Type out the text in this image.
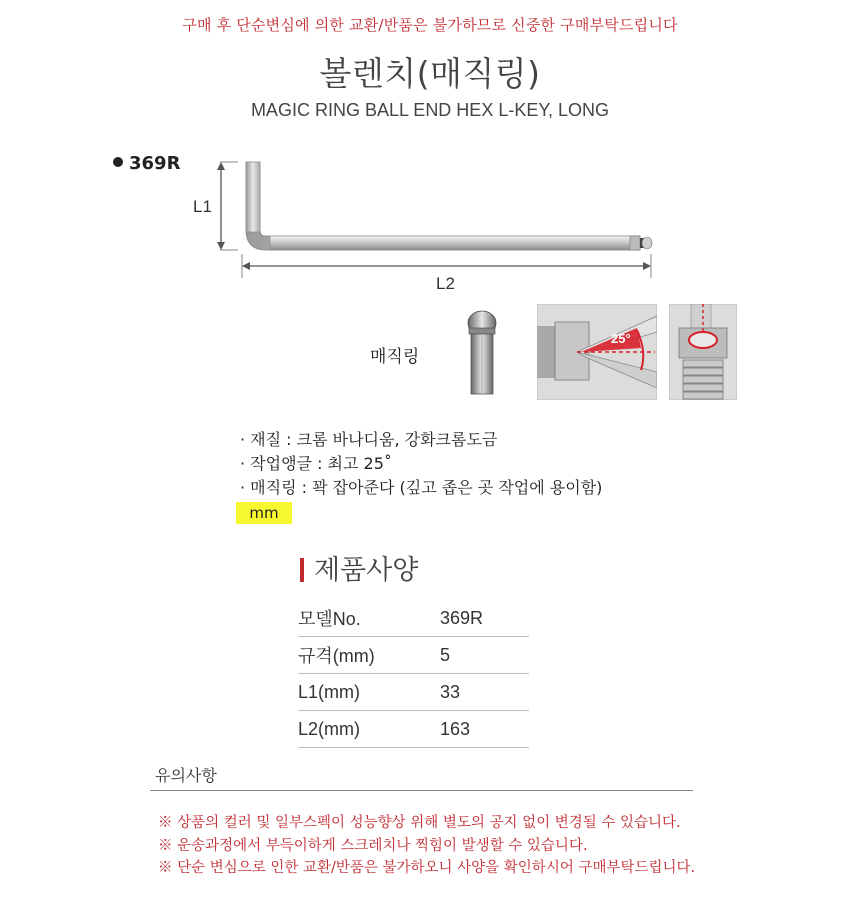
구매 후 단순변심에 의한 교환/반품은 불가하므로 신중한 구매부탁드립니다
볼렌치(매직링)
MAGIC RING BALL END HEX L-KEY, LONG
369R
L1
L2
매직링
25°
· 재질 : 크롬 바나디움, 강화크롬도금
· 작업앵글 : 최고 25˚
· 매직링 : 꽉 잡아준다 (깊고 좁은 곳 작업에 용이함)
mm
제품사양
모델No.	369R
규격(mm)	5
L1(mm)	33
L2(mm)	163
유의사항
※ 상품의 컬러 및 일부스펙이 성능향상 위해 별도의 공지 없이 변경될 수 있습니다.
※ 운송과정에서 부득이하게 스크레치나 찍힘이 발생할 수 있습니다.
※ 단순 변심으로 인한 교환/반품은 불가하오니 사양을 확인하시어 구매부탁드립니다.
